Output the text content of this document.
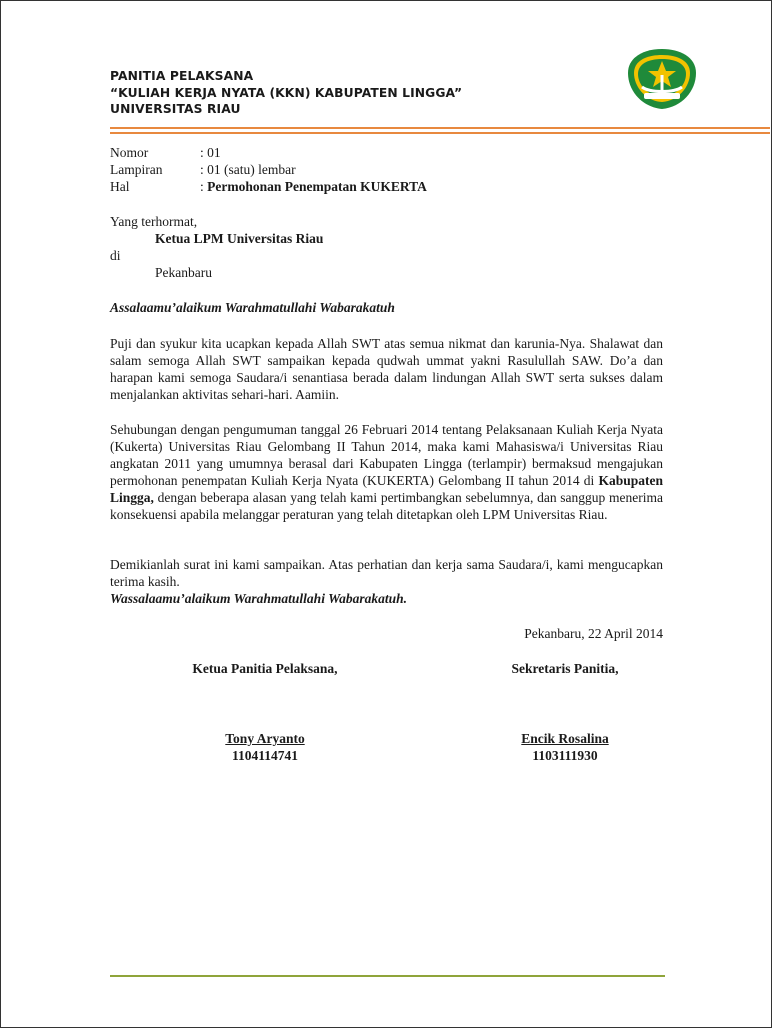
PANITIA PELAKSANA
“KULIAH KERJA NYATA (KKN) KABUPATEN LINGGA”
UNIVERSITAS RIAU
Nomor	: 01
Lampiran	: 01 (satu) lembar
Hal	: Permohonan Penempatan KUKERTA
Yang terhormat,
Ketua LPM Universitas Riau
di
Pekanbaru
Assalaamu’alaikum Warahmatullahi Wabarakatuh
Puji dan syukur kita ucapkan kepada Allah SWT atas semua nikmat dan karunia-Nya. Shalawat dan salam semoga Allah SWT sampaikan kepada qudwah ummat yakni Rasulullah SAW. Do’a dan harapan kami semoga Saudara/i senantiasa berada dalam lindungan Allah SWT serta sukses dalam menjalankan aktivitas sehari-hari. Aamiin.
Sehubungan dengan pengumuman tanggal 26 Februari 2014 tentang Pelaksanaan Kuliah Kerja Nyata (Kukerta) Universitas Riau Gelombang II Tahun 2014, maka kami Mahasiswa/i Universitas Riau angkatan 2011 yang umumnya berasal dari Kabupaten Lingga (terlampir) bermaksud mengajukan permohonan penempatan Kuliah Kerja Nyata (KUKERTA) Gelombang II tahun 2014 di Kabupaten Lingga, dengan beberapa alasan yang telah kami pertimbangkan sebelumnya, dan sanggup menerima konsekuensi apabila melanggar peraturan yang telah ditetapkan oleh LPM Universitas Riau.
Demikianlah surat ini kami sampaikan. Atas perhatian dan kerja sama Saudara/i, kami mengucapkan terima kasih.
Wassalaamu’alaikum Warahmatullahi Wabarakatuh.
Pekanbaru, 22 April 2014
Ketua Panitia Pelaksana,	Sekretaris Panitia,
Tony Aryanto
1104114741
Encik Rosalina
1103111930
